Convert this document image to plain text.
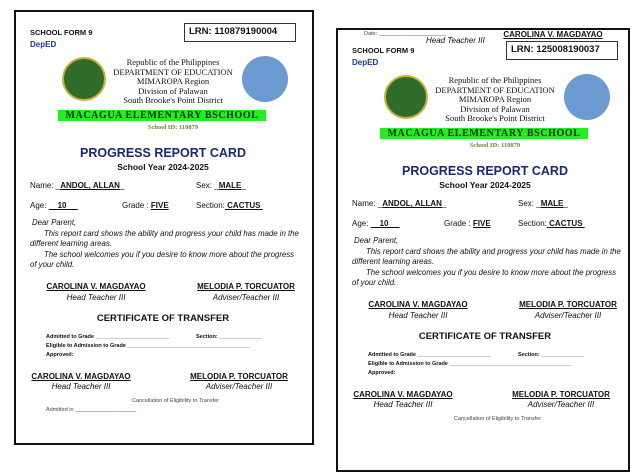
SCHOOL FORM 9	LRN: 110879190004
DepED
Republic of the Philippines
DEPARTMENT OF EDUCATION
MIMAROPA Region
Division of Palawan
South Brooke's Point District
MACAGUA ELEMENTARY BSCHOOL
School ID: 110879
PROGRESS REPORT CARD
School Year 2024-2025
Name: _ANDOL, ALLAN_	Sex: _MALE_
Age: 10	Grade : FIVE	Section: CACTUS
Dear Parent,
This report card shows the ability and progress your child has made in the different learning areas.
The school welcomes you if you desire to know more about the progress of your child.
CAROLINA V. MAGDAYAO
Head Teacher III
MELODIA P. TORCUATOR
Adviser/Teacher III
CERTIFICATE OF TRANSFER
Admitted to Grade ________________________	Section: ______________
Eligible to Admission to Grade ________________________________________
Approved:
CAROLINA V. MAGDAYAO
Head Teacher III
MELODIA P. TORCUATOR
Adviser/Teacher III
Cancellation of Eligibility to Transfer
Admitted in ____________________
Date: ______________________	CAROLINA V. MAGDAYAO
Head Teacher III
SCHOOL FORM 9	LRN: 125008190037
DepED
Republic of the Philippines
DEPARTMENT OF EDUCATION
MIMAROPA Region
Division of Palawan
South Brooke's Point District
MACAGUA ELEMENTARY BSCHOOL
School ID: 110879
PROGRESS REPORT CARD
School Year 2024-2025
Name: _ANDOL, ALLAN_	Sex: _MALE_
Age: 10	Grade : FIVE	Section: CACTUS
Dear Parent,
This report card shows the ability and progress your child has made in the different learning areas.
The school welcomes you if you desire to know more about the progress of your child.
CAROLINA V. MAGDAYAO
Head Teacher III
MELODIA P. TORCUATOR
Adviser/Teacher III
CERTIFICATE OF TRANSFER
Admitted to Grade ________________________	Section: ______________
Eligible to Admission to Grade ________________________________________
Approved:
CAROLINA V. MAGDAYAO
Head Teacher III
MELODIA P. TORCUATOR
Adviser/Teacher III
Cancellation of Eligibility to Transfer
